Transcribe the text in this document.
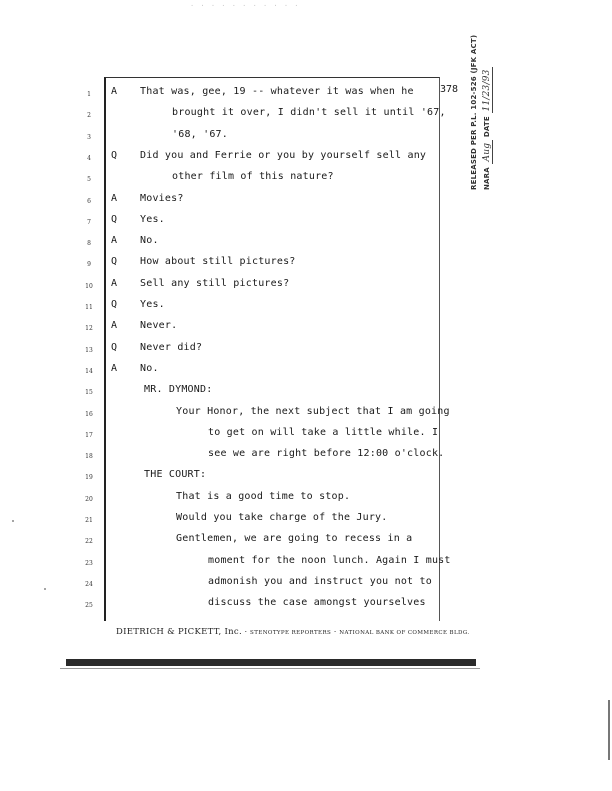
· · · · · · · · · · ·
378
1	A That was, gee, 19 -- whatever it was when he
2	brought it over, I didn't sell it until '67,
3	'68, '67.
4	Q Did you and Ferrie or you by yourself sell any
5	other film of this nature?
6	A Movies?
7	Q Yes.
8	A No.
9	Q How about still pictures?
10	A Sell any still pictures?
11	Q Yes.
12	A Never.
13	Q Never did?
14	A No.
15	MR. DYMOND:
16	Your Honor, the next subject that I am going
17	to get on will take a little while. I
18	see we are right before 12:00 o'clock.
19	THE COURT:
20	That is a good time to stop.
21	Would you take charge of the Jury.
22	Gentlemen, we are going to recess in a
23	moment for the noon lunch. Again I must
24	admonish you and instruct you not to
25	discuss the case amongst yourselves
DIETRICH & PICKETT, Inc. · STENOTYPE REPORTERS · NATIONAL BANK OF COMMERCE BLDG.
RELEASED PER P.L. 102-526 (JFK ACT) NARA Aug DATE 11/23/93
